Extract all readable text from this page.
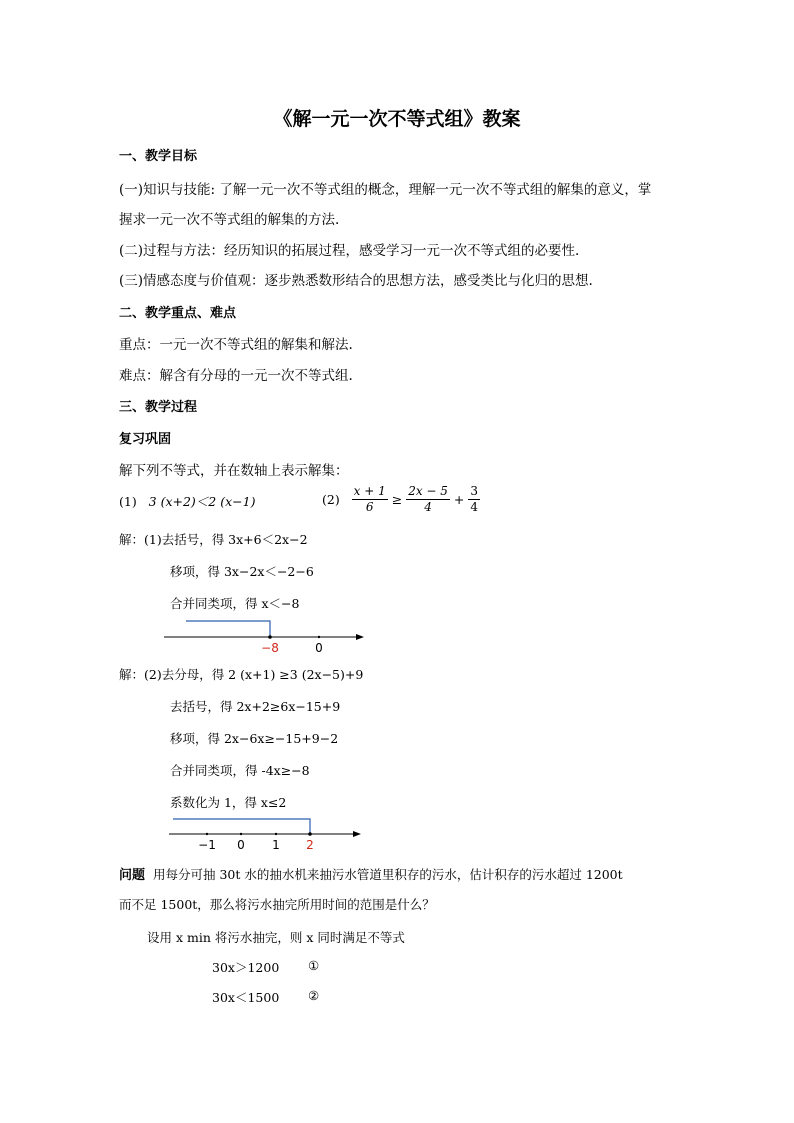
《解一元一次不等式组》教案
一、教学目标
(一)知识与技能: 了解一元一次不等式组的概念，理解一元一次不等式组的解集的意义，掌
握求一元一次不等式组的解集的方法.
(二)过程与方法：经历知识的拓展过程，感受学习一元一次不等式组的必要性.
(三)情感态度与价值观：逐步熟悉数形结合的思想方法，感受类比与化归的思想.
二、教学重点、难点
重点：一元一次不等式组的解集和解法.
难点：解含有分母的一元一次不等式组.
三、教学过程
复习巩固
解下列不等式，并在数轴上表示解集：
(1) 3 (x+2)＜2 (x−1)	$(2) \frac{x + 1}{6} \ge \frac{2x - 5}{4} + \frac{3}{4}$
解：(1)去括号，得 3x+6＜2x−2
移项，得 3x−2x＜−2−6
合并同类项，得 x＜−8
−8	0
解：(2)去分母，得 2 (x+1) ≥3 (2x−5)+9
去括号，得 2x+2≥6x−15+9
移项，得 2x−6x≥−15+9−2
合并同类项，得 -4x≥−8
系数化为 1，得 x≤2
−1 0 1 2
问题 用每分可抽 30t 水的抽水机来抽污水管道里积存的污水，估计积存的污水超过 1200t
而不足 1500t，那么将污水抽完所用时间的范围是什么？
设用 x min 将污水抽完，则 x 同时满足不等式
30x＞1200 ①
30x＜1500 ②
